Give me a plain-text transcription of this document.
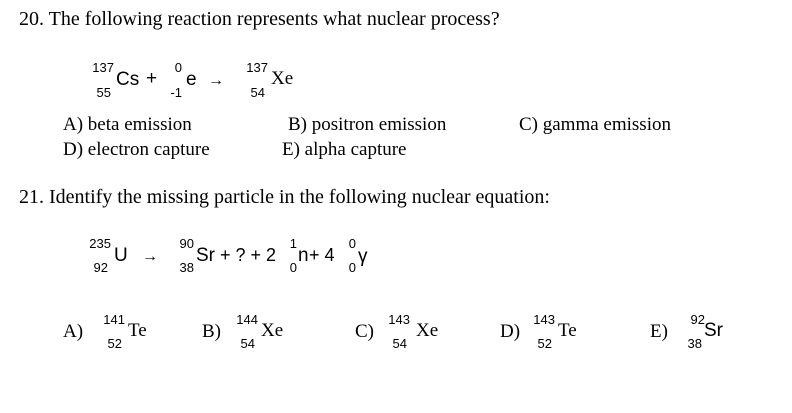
20. The following reaction represents what nuclear process?
137
55
Cs +
0
-1
e →
137
54
Xe
A) beta emission	B) positron emission	C) gamma emission
D) electron capture	E) alpha capture
21. Identify the missing particle in the following nuclear equation:
235
92
U →
90
38
Sr + ? + 2
1
0
n + 4
0
0
γ
A)
141
52
Te	B)
144
54
Xe	C)
143
54
Xe	D)
143
52
Te	E)
92
38
Sr
